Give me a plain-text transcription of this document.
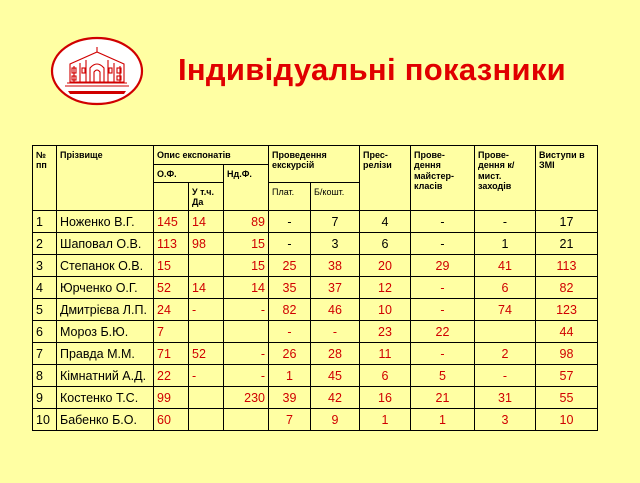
Індивідуальні показники
№ пп	Прізвище	Опис експонатів			Проведення екскурсій		Прес-релізи	Прове-дення майстер-класів	Прове-дення к/мист. заходів	Виступи в ЗМІ
		О.Ф.		Нд.Ф.						
			У т.ч. Да		Плат.	Б/кошт.				
1	Ноженко В.Г.	145	14	89	-	7	4	-	-	17
2	Шаповал О.В.	113	98	15	-	3	6	-	1	21
3	Степанок О.В.	15		15	25	38	20	29	41	113
4	Юрченко О.Г.	52	14	14	35	37	12	-	6	82
5	Дмитрієва Л.П.	24	-	-	82	46	10	-	74	123
6	Мороз Б.Ю.	7			-	-	23	22		44
7	Правда М.М.	71	52	-	26	28	11	-	2	98
8	Кімнатний А.Д.	22	-	-	1	45	6	5	-	57
9	Костенко Т.С.	99		230	39	42	16	21	31	55
10	Бабенко Б.О.	60			7	9	1	1	3	10
